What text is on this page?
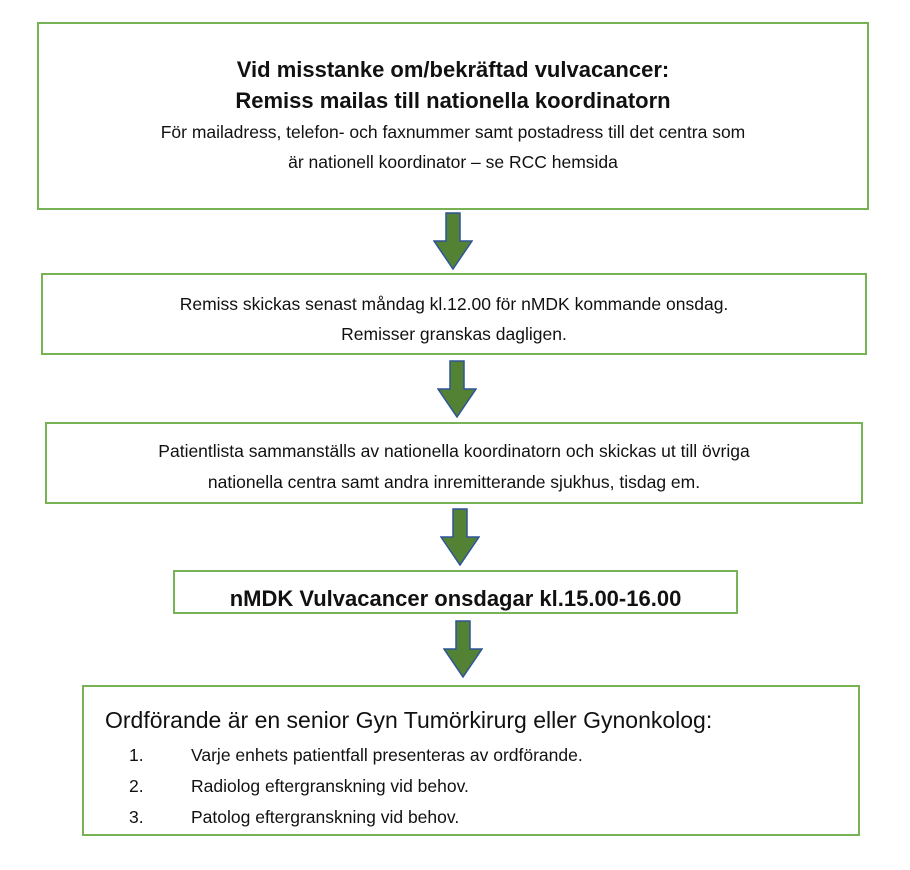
Vid misstanke om/bekräftad vulvacancer:
Remiss mailas till nationella koordinatorn
För mailadress, telefon- och faxnummer samt postadress till det centra som
är nationell koordinator – se RCC hemsida
Remiss skickas senast måndag kl.12.00 för nMDK kommande onsdag.
Remisser granskas dagligen.
Patientlista sammanställs av nationella koordinatorn och skickas ut till övriga
nationella centra samt andra inremitterande sjukhus, tisdag em.
nMDK Vulvacancer onsdagar kl.15.00-16.00
Ordförande är en senior Gyn Tumörkirurg eller Gynonkolog:
1.	Varje enhets patientfall presenteras av ordförande.
2.	Radiolog eftergranskning vid behov.
3.	Patolog eftergranskning vid behov.
